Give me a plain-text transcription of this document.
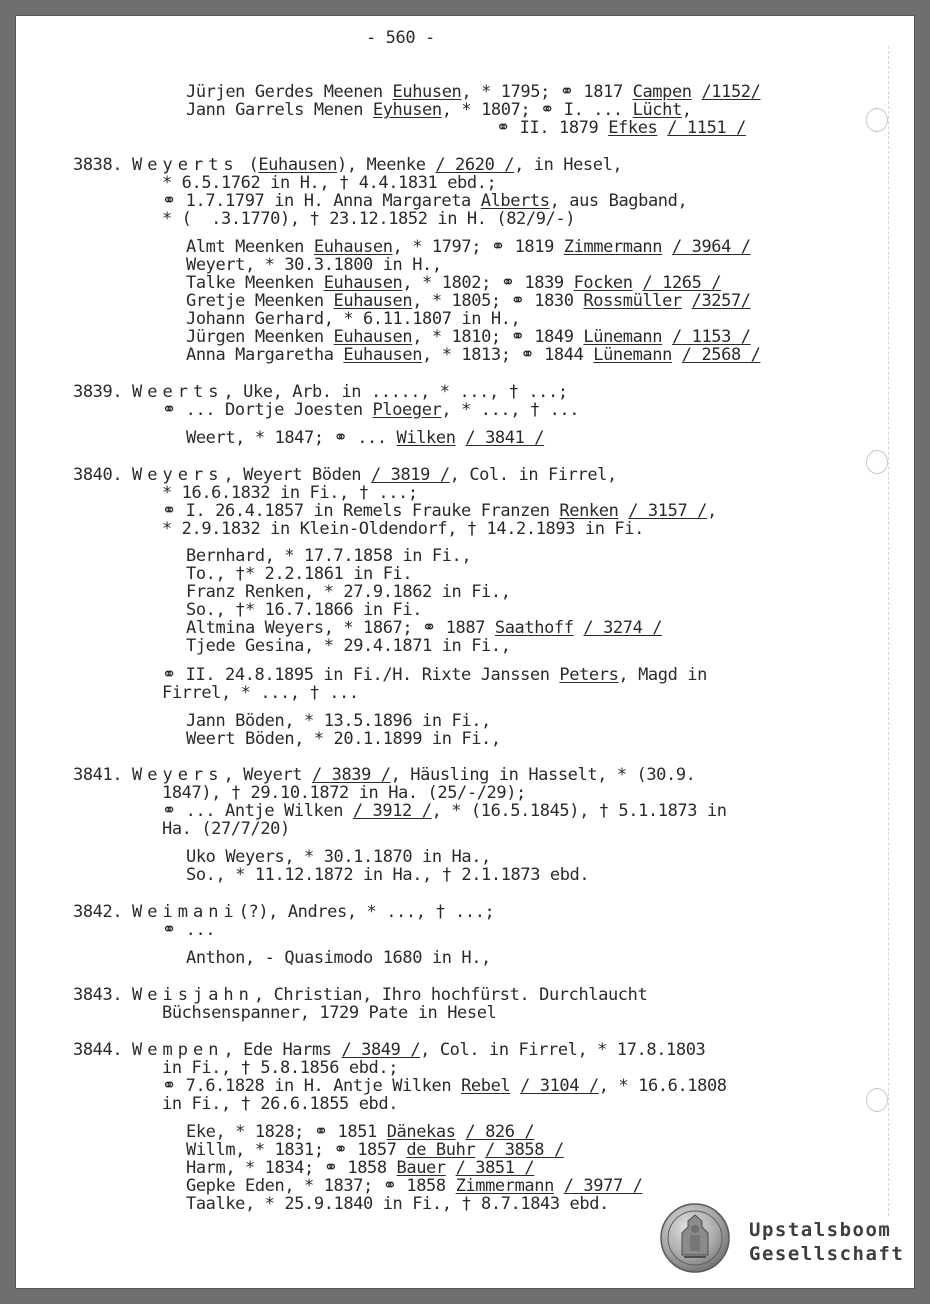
- 560 -
Jürjen Gerdes Meenen Euhusen, * 1795; ⚭ 1817 Campen /1152/
Jann Garrels Menen Eyhusen, * 1807; ⚭ I. ... Lücht,
⚭ II. 1879 Efkes / 1151 /
3838. Weyerts (Euhausen), Meenke / 2620 /, in Hesel,
* 6.5.1762 in H., † 4.4.1831 ebd.;
⚭ 1.7.1797 in H. Anna Margareta Alberts, aus Bagband,
* (  .3.1770), † 23.12.1852 in H. (82/9/-)
Almt Meenken Euhausen, * 1797; ⚭ 1819 Zimmermann / 3964 /
Weyert, * 30.3.1800 in H.,
Talke Meenken Euhausen, * 1802; ⚭ 1839 Focken / 1265 /
Gretje Meenken Euhausen, * 1805; ⚭ 1830 Rossmüller /3257/
Johann Gerhard, * 6.11.1807 in H.,
Jürgen Meenken Euhausen, * 1810; ⚭ 1849 Lünemann / 1153 /
Anna Margaretha Euhausen, * 1813; ⚭ 1844 Lünemann / 2568 /
3839. Weerts, Uke, Arb. in ....., * ..., † ...;
⚭ ... Dortje Joesten Ploeger, * ..., † ...
Weert, * 1847; ⚭ ... Wilken / 3841 /
3840. Weyers, Weyert Böden / 3819 /, Col. in Firrel,
* 16.6.1832 in Fi., † ...;
⚭ I. 26.4.1857 in Remels Frauke Franzen Renken / 3157 /,
* 2.9.1832 in Klein-Oldendorf, † 14.2.1893 in Fi.
Bernhard, * 17.7.1858 in Fi.,
To., †* 2.2.1861 in Fi.
Franz Renken, * 27.9.1862 in Fi.,
So., †* 16.7.1866 in Fi.
Altmina Weyers, * 1867; ⚭ 1887 Saathoff / 3274 /
Tjede Gesina, * 29.4.1871 in Fi.,
⚭ II. 24.8.1895 in Fi./H. Rixte Janssen Peters, Magd in
Firrel, * ..., † ...
Jann Böden, * 13.5.1896 in Fi.,
Weert Böden, * 20.1.1899 in Fi.,
3841. Weyers, Weyert / 3839 /, Häusling in Hasselt, * (30.9.
1847), † 29.10.1872 in Ha. (25/-/29);
⚭ ... Antje Wilken / 3912 /, * (16.5.1845), † 5.1.1873 in
Ha. (27/7/20)
Uko Weyers, * 30.1.1870 in Ha.,
So., * 11.12.1872 in Ha., † 2.1.1873 ebd.
3842. Weimani(?), Andres, * ..., † ...;
⚭ ...
Anthon, - Quasimodo 1680 in H.,
3843. Weisjahn, Christian, Ihro hochfürst. Durchlaucht
Büchsenspanner, 1729 Pate in Hesel
3844. Wempen, Ede Harms / 3849 /, Col. in Firrel, * 17.8.1803
in Fi., † 5.8.1856 ebd.;
⚭ 7.6.1828 in H. Antje Wilken Rebel / 3104 /, * 16.6.1808
in Fi., † 26.6.1855 ebd.
Eke, * 1828; ⚭ 1851 Dänekas / 826 /
Willm, * 1831; ⚭ 1857 de Buhr / 3858 /
Harm, * 1834; ⚭ 1858 Bauer / 3851 /
Gepke Eden, * 1837; ⚭ 1858 Zimmermann / 3977 /
Taalke, * 25.9.1840 in Fi., † 8.7.1843 ebd.
Upstalsboom
Gesellschaft
